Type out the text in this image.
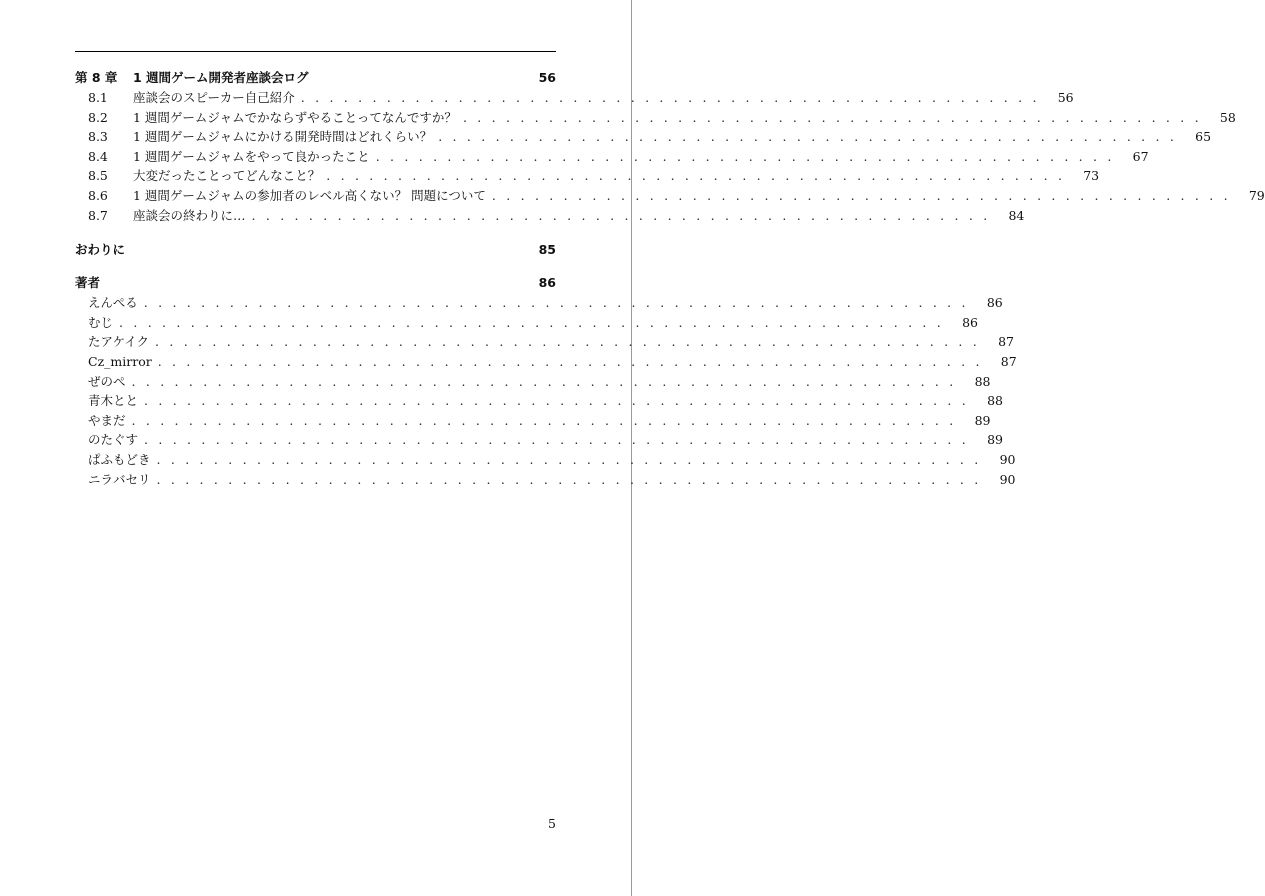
第 8 章	1 週間ゲーム開発者座談会ログ	56
8.1	座談会のスピーカー自己紹介 . . . . . . . . . . . . . . . . . . . . . . . . . . . . . . . . . . . . . . . . . . . . . . . . . . . .	56
8.2	1 週間ゲームジャムでかならずやることってなんですか？ . . . . . . . . . . . . . . . . . . . . . . . . . . . . . . . . . . . . . . . . . . . . . . . . . . . .	58
8.3	1 週間ゲームジャムにかける開発時間はどれくらい？ . . . . . . . . . . . . . . . . . . . . . . . . . . . . . . . . . . . . . . . . . . . . . . . . . . . .	65
8.4	1 週間ゲームジャムをやって良かったこと . . . . . . . . . . . . . . . . . . . . . . . . . . . . . . . . . . . . . . . . . . . . . . . . . . . .	67
8.5	大変だったことってどんなこと？ . . . . . . . . . . . . . . . . . . . . . . . . . . . . . . . . . . . . . . . . . . . . . . . . . . . .	73
8.6	1 週間ゲームジャムの参加者のレベル高くない？ 問題について . . . . . . . . . . . . . . . . . . . . . . . . . . . . . . . . . . . . . . . . . . . . . . . . . . . .	79
8.7	座談会の終わりに… . . . . . . . . . . . . . . . . . . . . . . . . . . . . . . . . . . . . . . . . . . . . . . . . . . . .	84
おわりに	85
著者	86
えんぺる . . . . . . . . . . . . . . . . . . . . . . . . . . . . . . . . . . . . . . . . . . . . . . . . . . . . . . . . . .	86
むじ . . . . . . . . . . . . . . . . . . . . . . . . . . . . . . . . . . . . . . . . . . . . . . . . . . . . . . . . . .	86
たアケイク . . . . . . . . . . . . . . . . . . . . . . . . . . . . . . . . . . . . . . . . . . . . . . . . . . . . . . . . . .	87
Cz_mirror . . . . . . . . . . . . . . . . . . . . . . . . . . . . . . . . . . . . . . . . . . . . . . . . . . . . . . . . . .	87
ぜのぺ . . . . . . . . . . . . . . . . . . . . . . . . . . . . . . . . . . . . . . . . . . . . . . . . . . . . . . . . . .	88
青木とと . . . . . . . . . . . . . . . . . . . . . . . . . . . . . . . . . . . . . . . . . . . . . . . . . . . . . . . . . .	88
やまだ . . . . . . . . . . . . . . . . . . . . . . . . . . . . . . . . . . . . . . . . . . . . . . . . . . . . . . . . . .	89
のたぐす . . . . . . . . . . . . . . . . . . . . . . . . . . . . . . . . . . . . . . . . . . . . . . . . . . . . . . . . . .	89
ぱふもどき . . . . . . . . . . . . . . . . . . . . . . . . . . . . . . . . . . . . . . . . . . . . . . . . . . . . . . . . . .	90
ニラバセリ . . . . . . . . . . . . . . . . . . . . . . . . . . . . . . . . . . . . . . . . . . . . . . . . . . . . . . . . . .	90
5
